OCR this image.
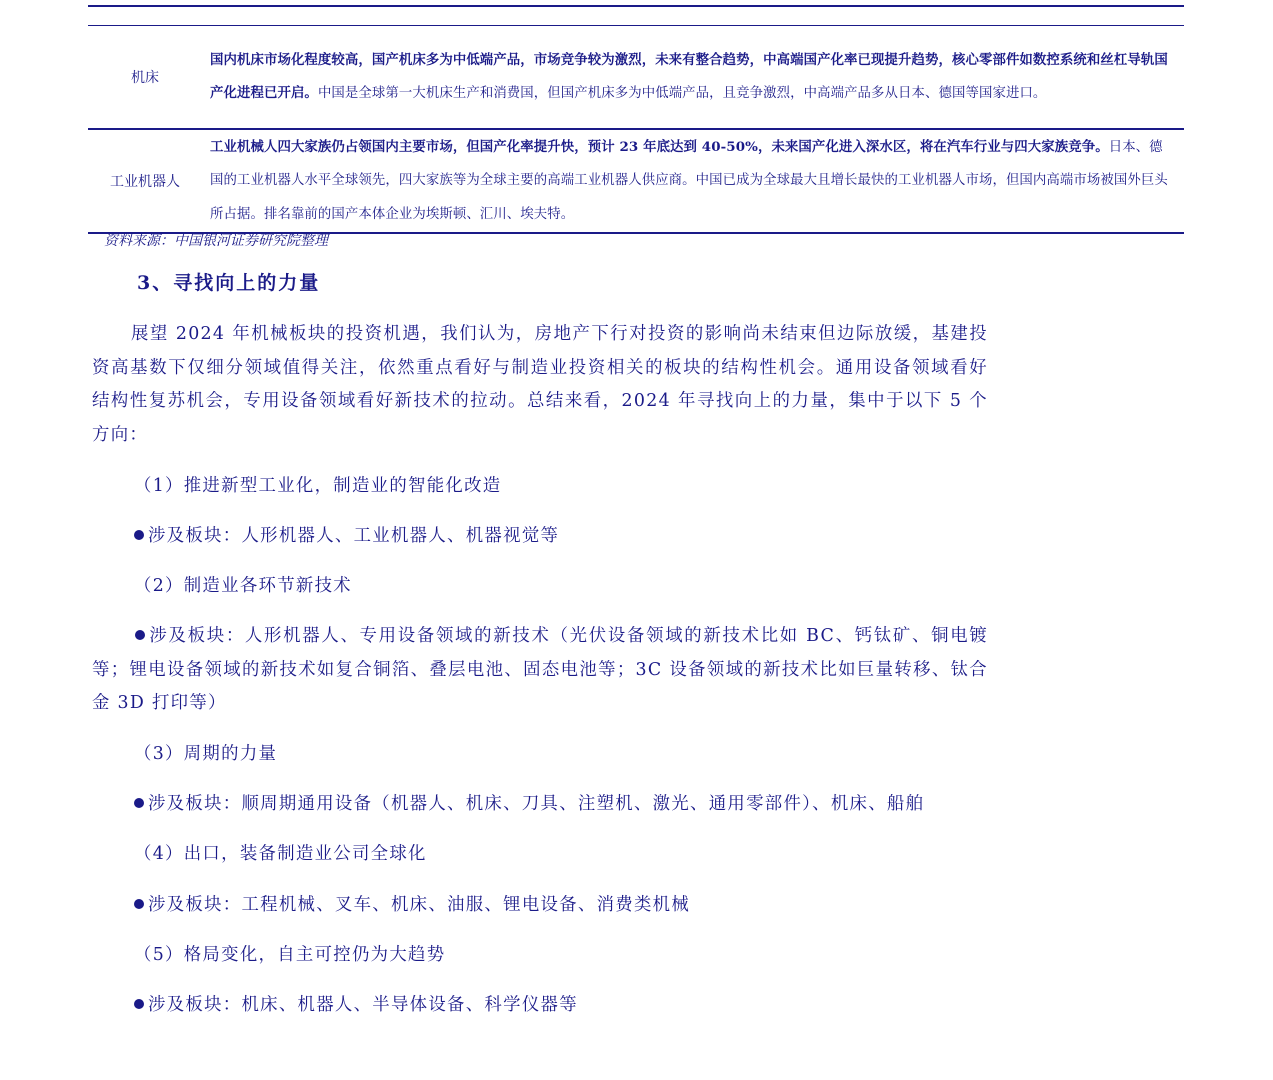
机床	国内机床市场化程度较高，国产机床多为中低端产品，市场竞争较为激烈，未来有整合趋势，中高端国产化率已现提升趋势，核心零部件如数控系统和丝杠导轨国产化进程已开启。中国是全球第一大机床生产和消费国，但国产机床多为中低端产品，且竞争激烈，中高端产品多从日本、德国等国家进口。
工业机器人	工业机械人四大家族仍占领国内主要市场，但国产化率提升快，预计 23 年底达到 40-50%，未来国产化进入深水区，将在汽车行业与四大家族竞争。日本、德国的工业机器人水平全球领先，四大家族等为全球主要的高端工业机器人供应商。中国已成为全球最大且增长最快的工业机器人市场，但国内高端市场被国外巨头所占据。排名靠前的国产本体企业为埃斯顿、汇川、埃夫特。
资料来源：中国银河证券研究院整理
3、寻找向上的力量
展望 2024 年机械板块的投资机遇，我们认为，房地产下行对投资的影响尚未结束但边际放缓，基建投资高基数下仅细分领域值得关注，依然重点看好与制造业投资相关的板块的结构性机会。通用设备领域看好结构性复苏机会，专用设备领域看好新技术的拉动。总结来看，2024 年寻找向上的力量，集中于以下 5 个方向：
（1）推进新型工业化，制造业的智能化改造
涉及板块：人形机器人、工业机器人、机器视觉等
（2）制造业各环节新技术
涉及板块：人形机器人、专用设备领域的新技术（光伏设备领域的新技术比如 BC、钙钛矿、铜电镀等；锂电设备领域的新技术如复合铜箔、叠层电池、固态电池等；3C 设备领域的新技术比如巨量转移、钛合金 3D 打印等）
（3）周期的力量
涉及板块：顺周期通用设备（机器人、机床、刀具、注塑机、激光、通用零部件）、机床、船舶
（4）出口，装备制造业公司全球化
涉及板块：工程机械、叉车、机床、油服、锂电设备、消费类机械
（5）格局变化，自主可控仍为大趋势
涉及板块：机床、机器人、半导体设备、科学仪器等
